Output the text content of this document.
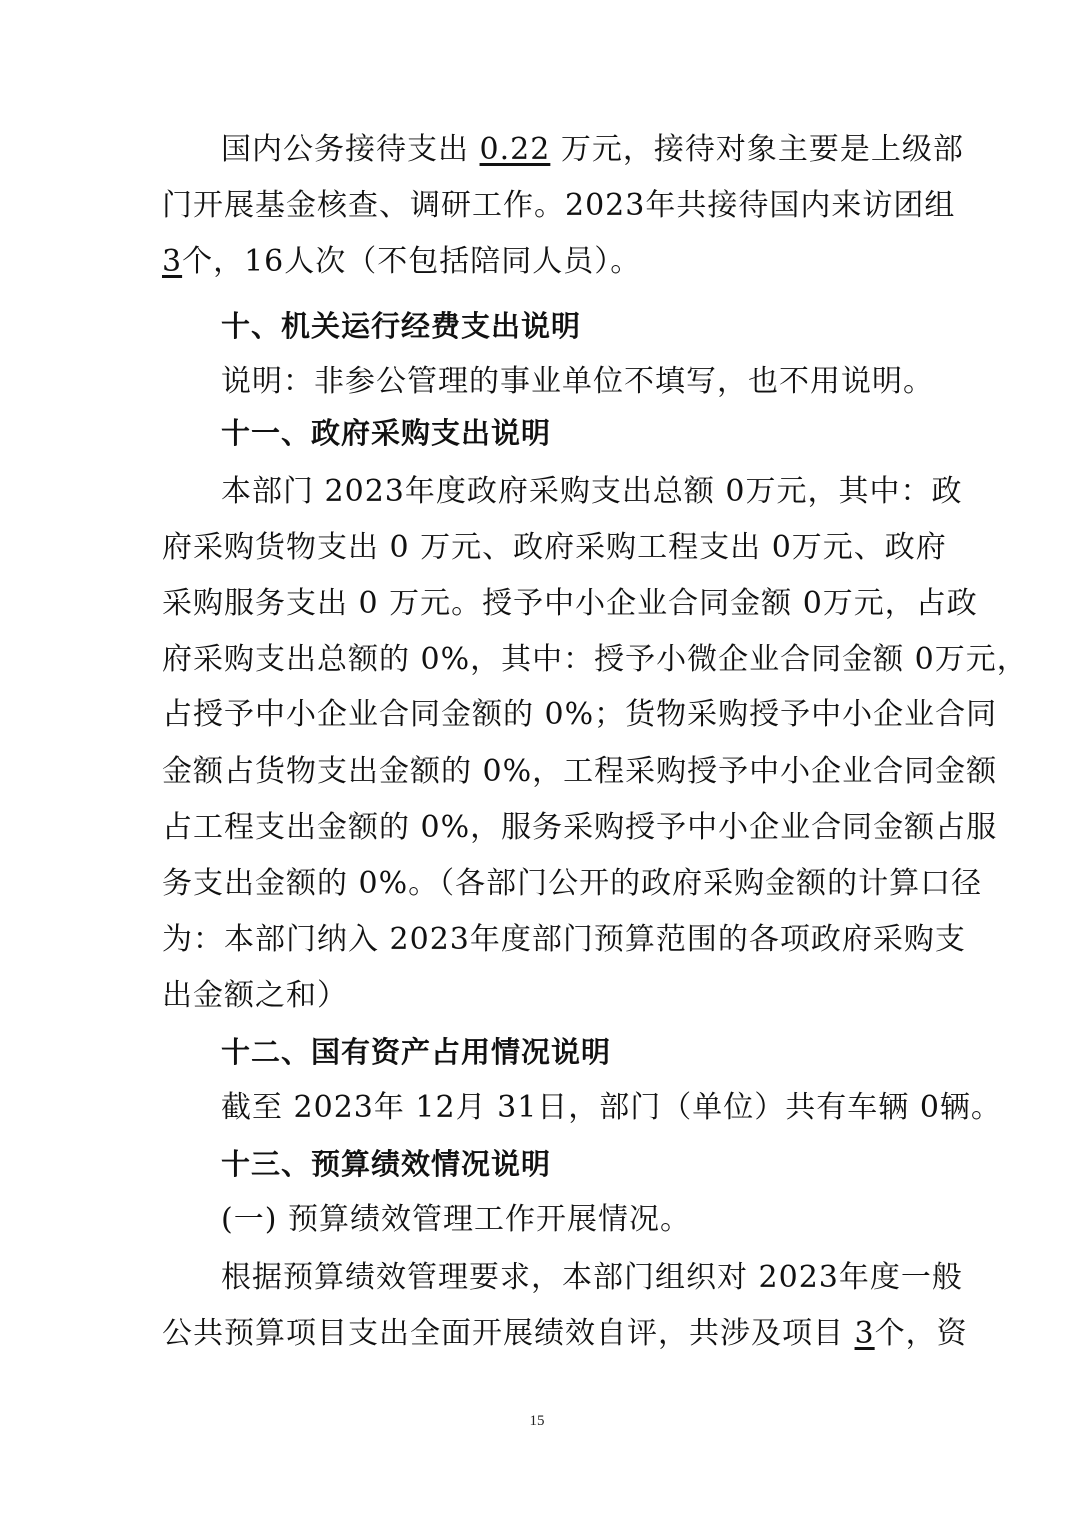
国内公务接待支出 0.22 万元，接待对象主要是上级部
门开展基金核查、调研工作。2023年共接待国内来访团组
3个，16人次（不包括陪同人员）。
十、机关运行经费支出说明
说明：非参公管理的事业单位不填写，也不用说明。
十一、政府采购支出说明
本部门 2023年度政府采购支出总额 0万元，其中：政
府采购货物支出 0 万元、政府采购工程支出 0万元、政府
采购服务支出 0 万元。授予中小企业合同金额 0万元，占政
府采购支出总额的 0%，其中：授予小微企业合同金额 0万元，
占授予中小企业合同金额的 0%；货物采购授予中小企业合同
金额占货物支出金额的 0%，工程采购授予中小企业合同金额
占工程支出金额的 0%，服务采购授予中小企业合同金额占服
务支出金额的 0%。（各部门公开的政府采购金额的计算口径
为：本部门纳入 2023年度部门预算范围的各项政府采购支
出金额之和）
十二、国有资产占用情况说明
截至 2023年 12月 31日，部门（单位）共有车辆 0辆。
十三、预算绩效情况说明
(一) 预算绩效管理工作开展情况。
根据预算绩效管理要求，本部门组织对 2023年度一般
公共预算项目支出全面开展绩效自评，共涉及项目 3个，资
15
